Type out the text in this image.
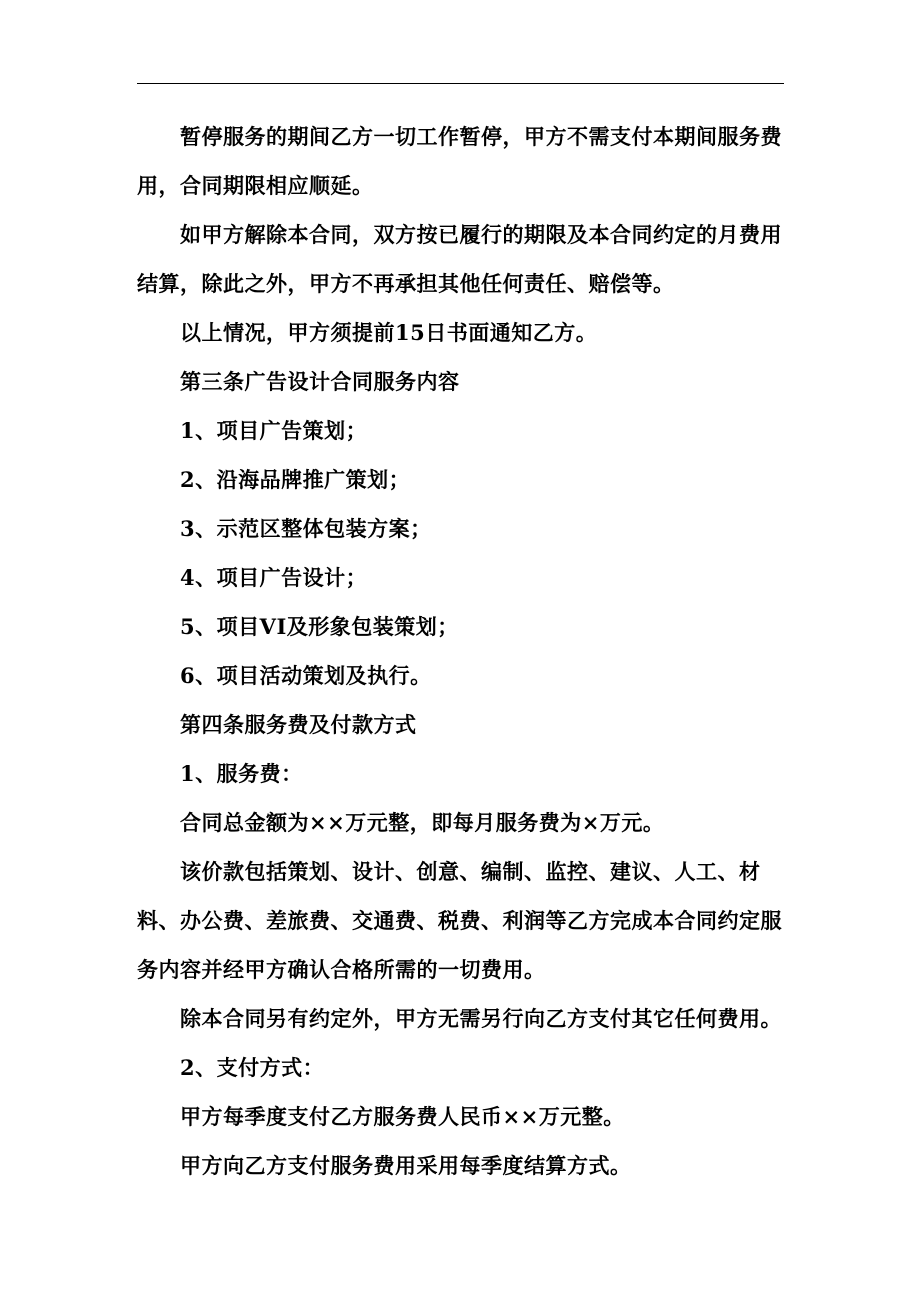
暂停服务的期间乙方一切工作暂停，甲方不需支付本期间服务费用，合同期限相应顺延。

如甲方解除本合同，双方按已履行的期限及本合同约定的月费用结算，除此之外，甲方不再承担其他任何责任、赔偿等。

以上情况，甲方须提前15日书面通知乙方。

第三条广告设计合同服务内容

1、项目广告策划；

2、沿海品牌推广策划；

3、示范区整体包装方案；

4、项目广告设计；

5、项目VI及形象包装策划；

6、项目活动策划及执行。

第四条服务费及付款方式

1、服务费：

合同总金额为××万元整，即每月服务费为×万元。

该价款包括策划、设计、创意、编制、监控、建议、人工、材料、办公费、差旅费、交通费、税费、利润等乙方完成本合同约定服务内容并经甲方确认合格所需的一切费用。

除本合同另有约定外，甲方无需另行向乙方支付其它任何费用。

2、支付方式：

甲方每季度支付乙方服务费人民币××万元整。

甲方向乙方支付服务费用采用每季度结算方式。
